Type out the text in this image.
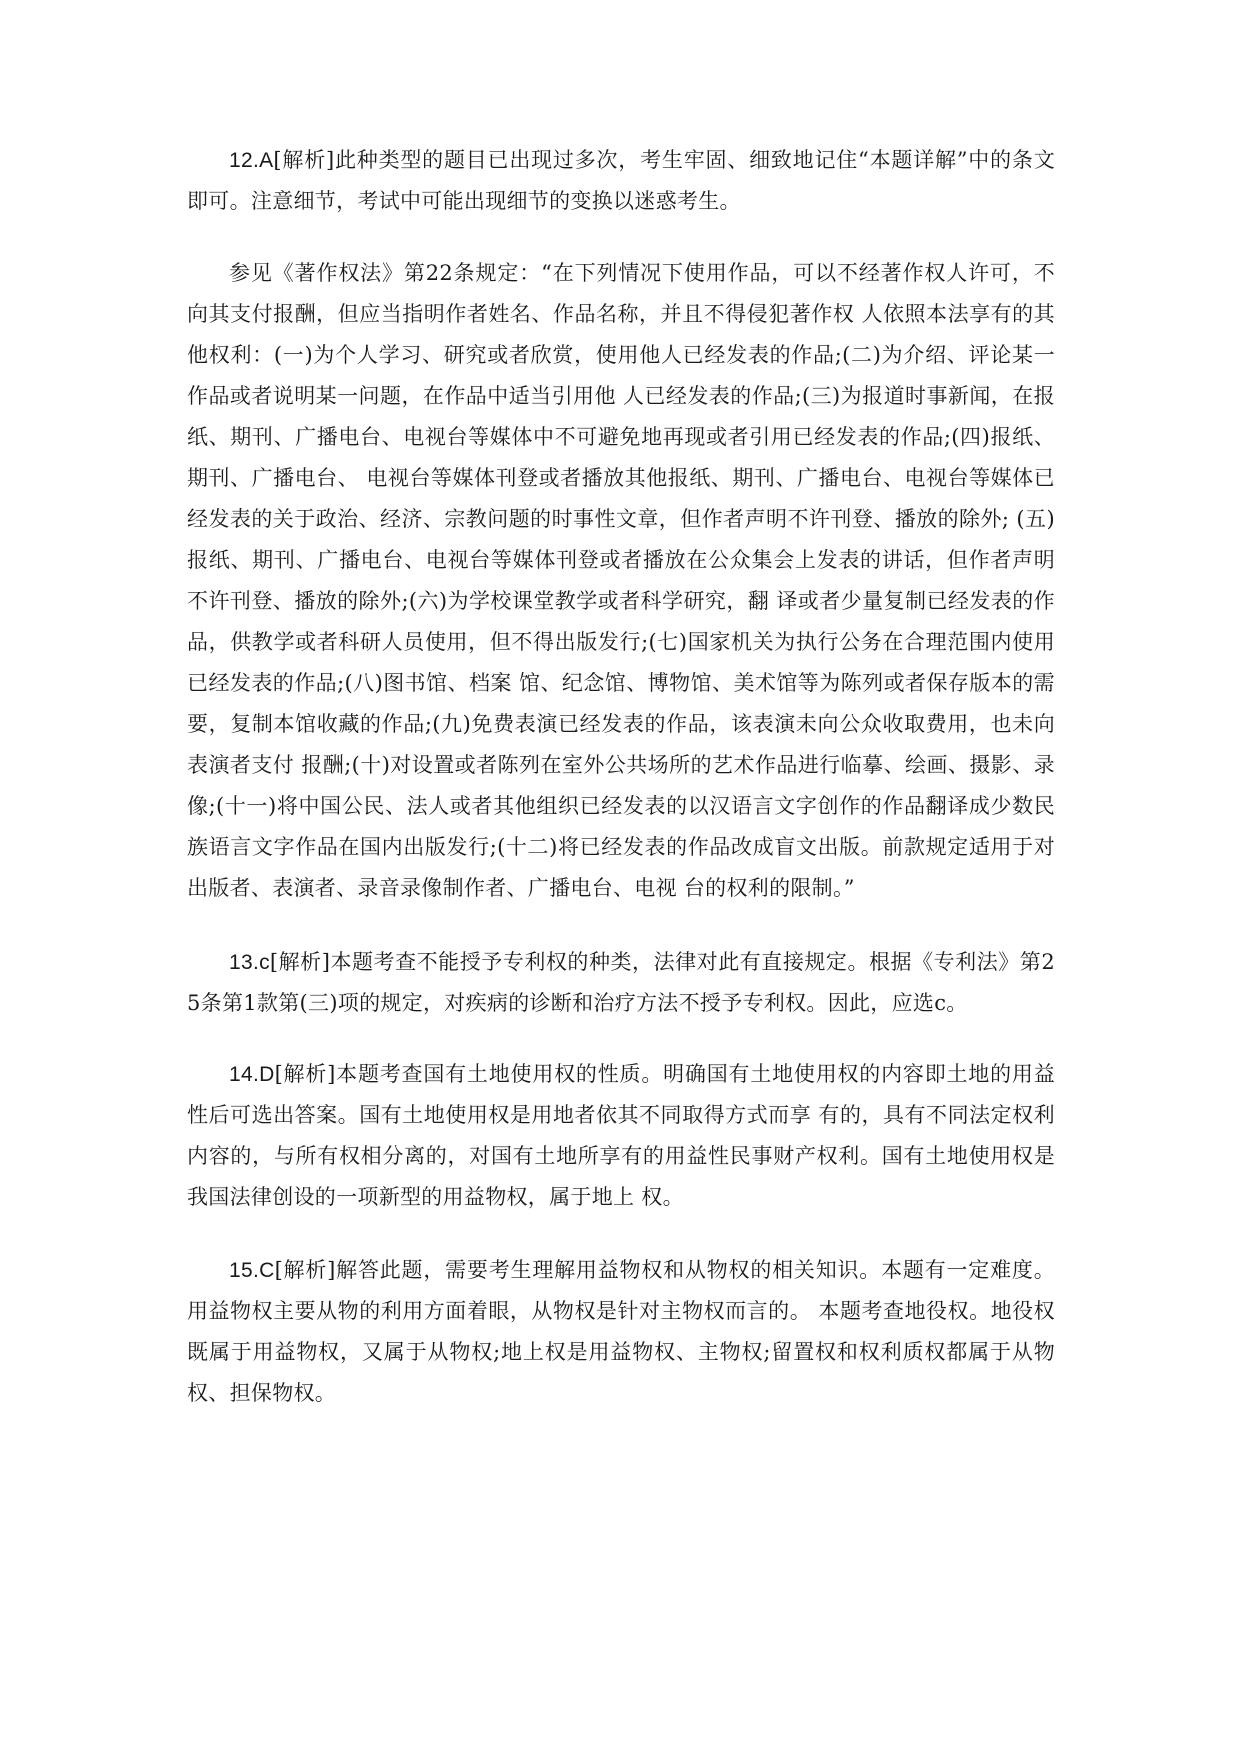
12.A[解析]此种类型的题目已出现过多次，考生牢固、细致地记住“本题详解”中的条文即可。注意细节，考试中可能出现细节的变换以迷惑考生。

参见《著作权法》第22条规定：“在下列情况下使用作品，可以不经著作权人许可，不向其支付报酬，但应当指明作者姓名、作品名称，并且不得侵犯著作权 人依照本法享有的其他权利：(一)为个人学习、研究或者欣赏，使用他人已经发表的作品;(二)为介绍、评论某一作品或者说明某一问题，在作品中适当引用他 人已经发表的作品;(三)为报道时事新闻，在报纸、期刊、广播电台、电视台等媒体中不可避免地再现或者引用已经发表的作品;(四)报纸、期刊、广播电台、 电视台等媒体刊登或者播放其他报纸、期刊、广播电台、电视台等媒体已经发表的关于政治、经济、宗教问题的时事性文章，但作者声明不许刊登、播放的除外; (五)报纸、期刊、广播电台、电视台等媒体刊登或者播放在公众集会上发表的讲话，但作者声明不许刊登、播放的除外;(六)为学校课堂教学或者科学研究，翻 译或者少量复制已经发表的作品，供教学或者科研人员使用，但不得出版发行;(七)国家机关为执行公务在合理范围内使用已经发表的作品;(八)图书馆、档案 馆、纪念馆、博物馆、美术馆等为陈列或者保存版本的需要，复制本馆收藏的作品;(九)免费表演已经发表的作品，该表演未向公众收取费用，也未向表演者支付 报酬;(十)对设置或者陈列在室外公共场所的艺术作品进行临摹、绘画、摄影、录像;(十一)将中国公民、法人或者其他组织已经发表的以汉语言文字创作的作品翻译成少数民族语言文字作品在国内出版发行;(十二)将已经发表的作品改成盲文出版。前款规定适用于对出版者、表演者、录音录像制作者、广播电台、电视 台的权利的限制。”

13.c[解析]本题考查不能授予专利权的种类，法律对此有直接规定。根据《专利法》第25条第1款第(三)项的规定，对疾病的诊断和治疗方法不授予专利权。因此，应选c。

14.D[解析]本题考查国有土地使用权的性质。明确国有土地使用权的内容即土地的用益性后可选出答案。国有土地使用权是用地者依其不同取得方式而享 有的，具有不同法定权利内容的，与所有权相分离的，对国有土地所享有的用益性民事财产权利。国有土地使用权是我国法律创设的一项新型的用益物权，属于地上 权。

15.C[解析]解答此题，需要考生理解用益物权和从物权的相关知识。本题有一定难度。用益物权主要从物的利用方面着眼，从物权是针对主物权而言的。 本题考查地役权。地役权既属于用益物权，又属于从物权;地上权是用益物权、主物权;留置权和权利质权都属于从物权、担保物权。
